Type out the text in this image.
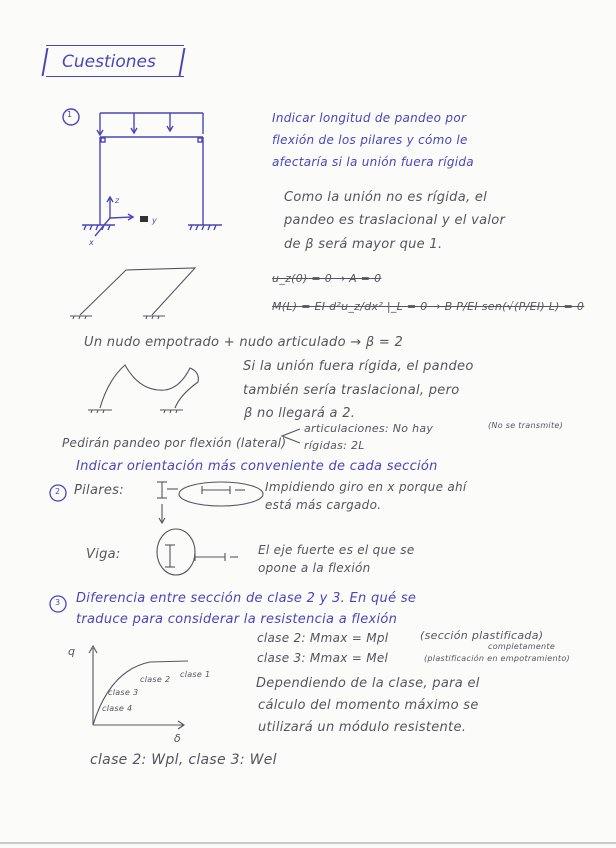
Cuestiones
z
y
x
Indicar longitud de pandeo por
flexión de los pilares y cómo le
afectaría si la unión fuera rígida
1
Como la unión no es rígida, el
pandeo es traslacional y el valor
de β será mayor que 1.
u_z(0) = 0 → A = 0
M(L) = EI d²u_z/dx² |_L = 0 → B P/EI sen(√(P/EI) L) = 0
Un nudo empotrado + nudo articulado → β = 2
Si la unión fuera rígida, el pandeo
también sería traslacional, pero
β no llegará a 2.
Pedirán pandeo por flexión (lateral)
articulaciones: No hay	(No se transmite)
rígidas: 2L
Indicar orientación más conveniente de cada sección
2 Pilares:	Impidiendo giro en x porque ahí
está más cargado.
Viga:	El eje fuerte es el que se
opone a la flexión
3 Diferencia entre sección de clase 2 y 3. En qué se
traduce para considerar la resistencia a flexión
clase 2: Mmax = Mpl	(sección plastificada)
completamente
clase 3: Mmax = Mel	(plastificación en empotramiento)
Dependiendo de la clase, para el
cálculo del momento máximo se
utilizará un módulo resistente.
q
δ
clase 1
clase 2
clase 3
clase 4
clase 2: Wpl, clase 3: Wel
